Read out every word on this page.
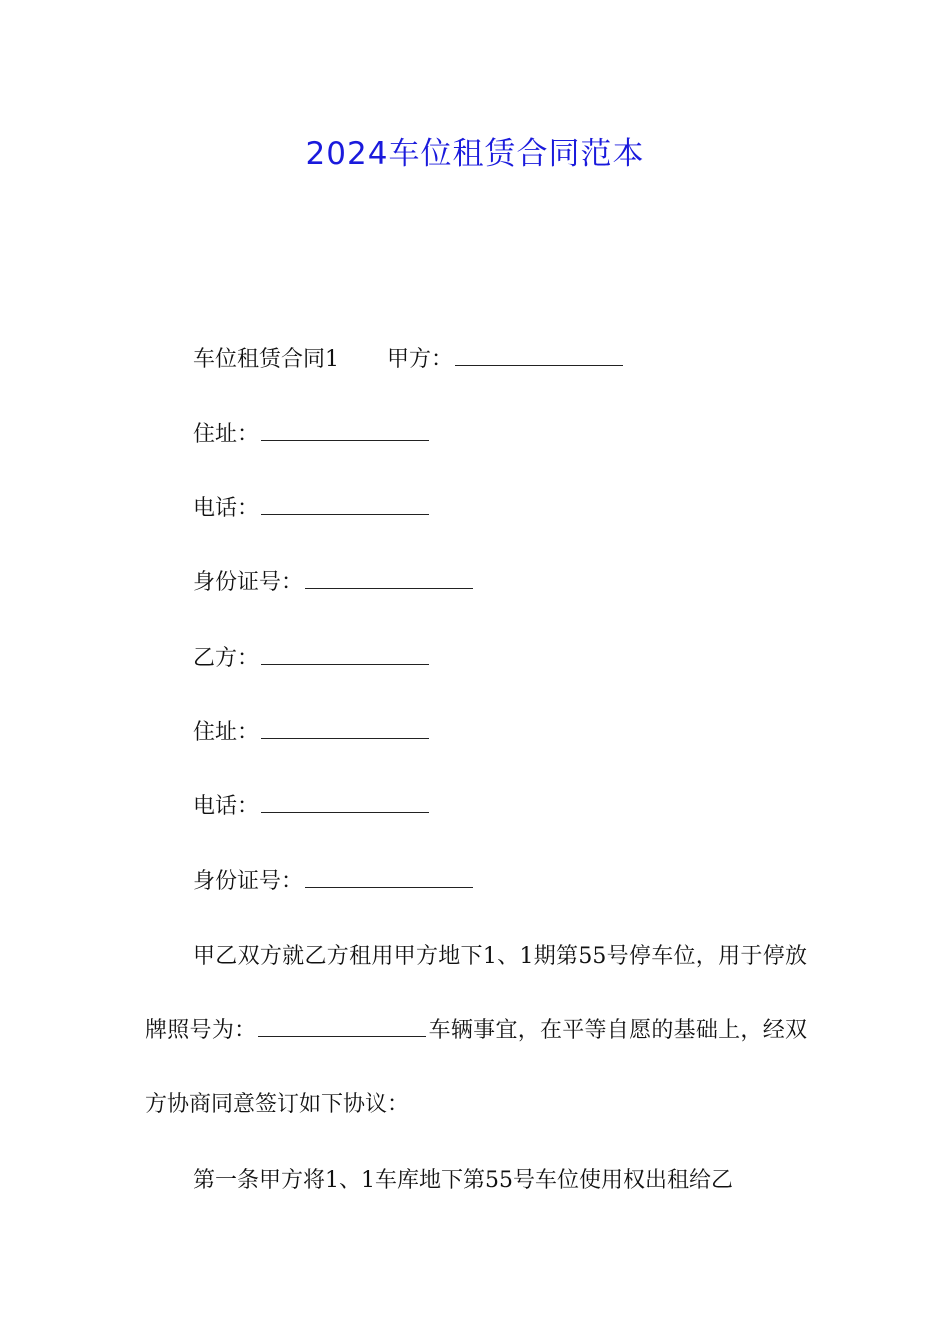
2024车位租赁合同范本
车位租赁合同1 甲方：
住址：
电话：
身份证号：
乙方：
住址：
电话：
身份证号：
甲乙双方就乙方租用甲方地下1、1期第55号停车位，用于停放牌照号为：	车辆事宜，在平等自愿的基础上，经双方协商同意签订如下协议：
第一条甲方将1、1车库地下第55号车位使用权出租给乙
